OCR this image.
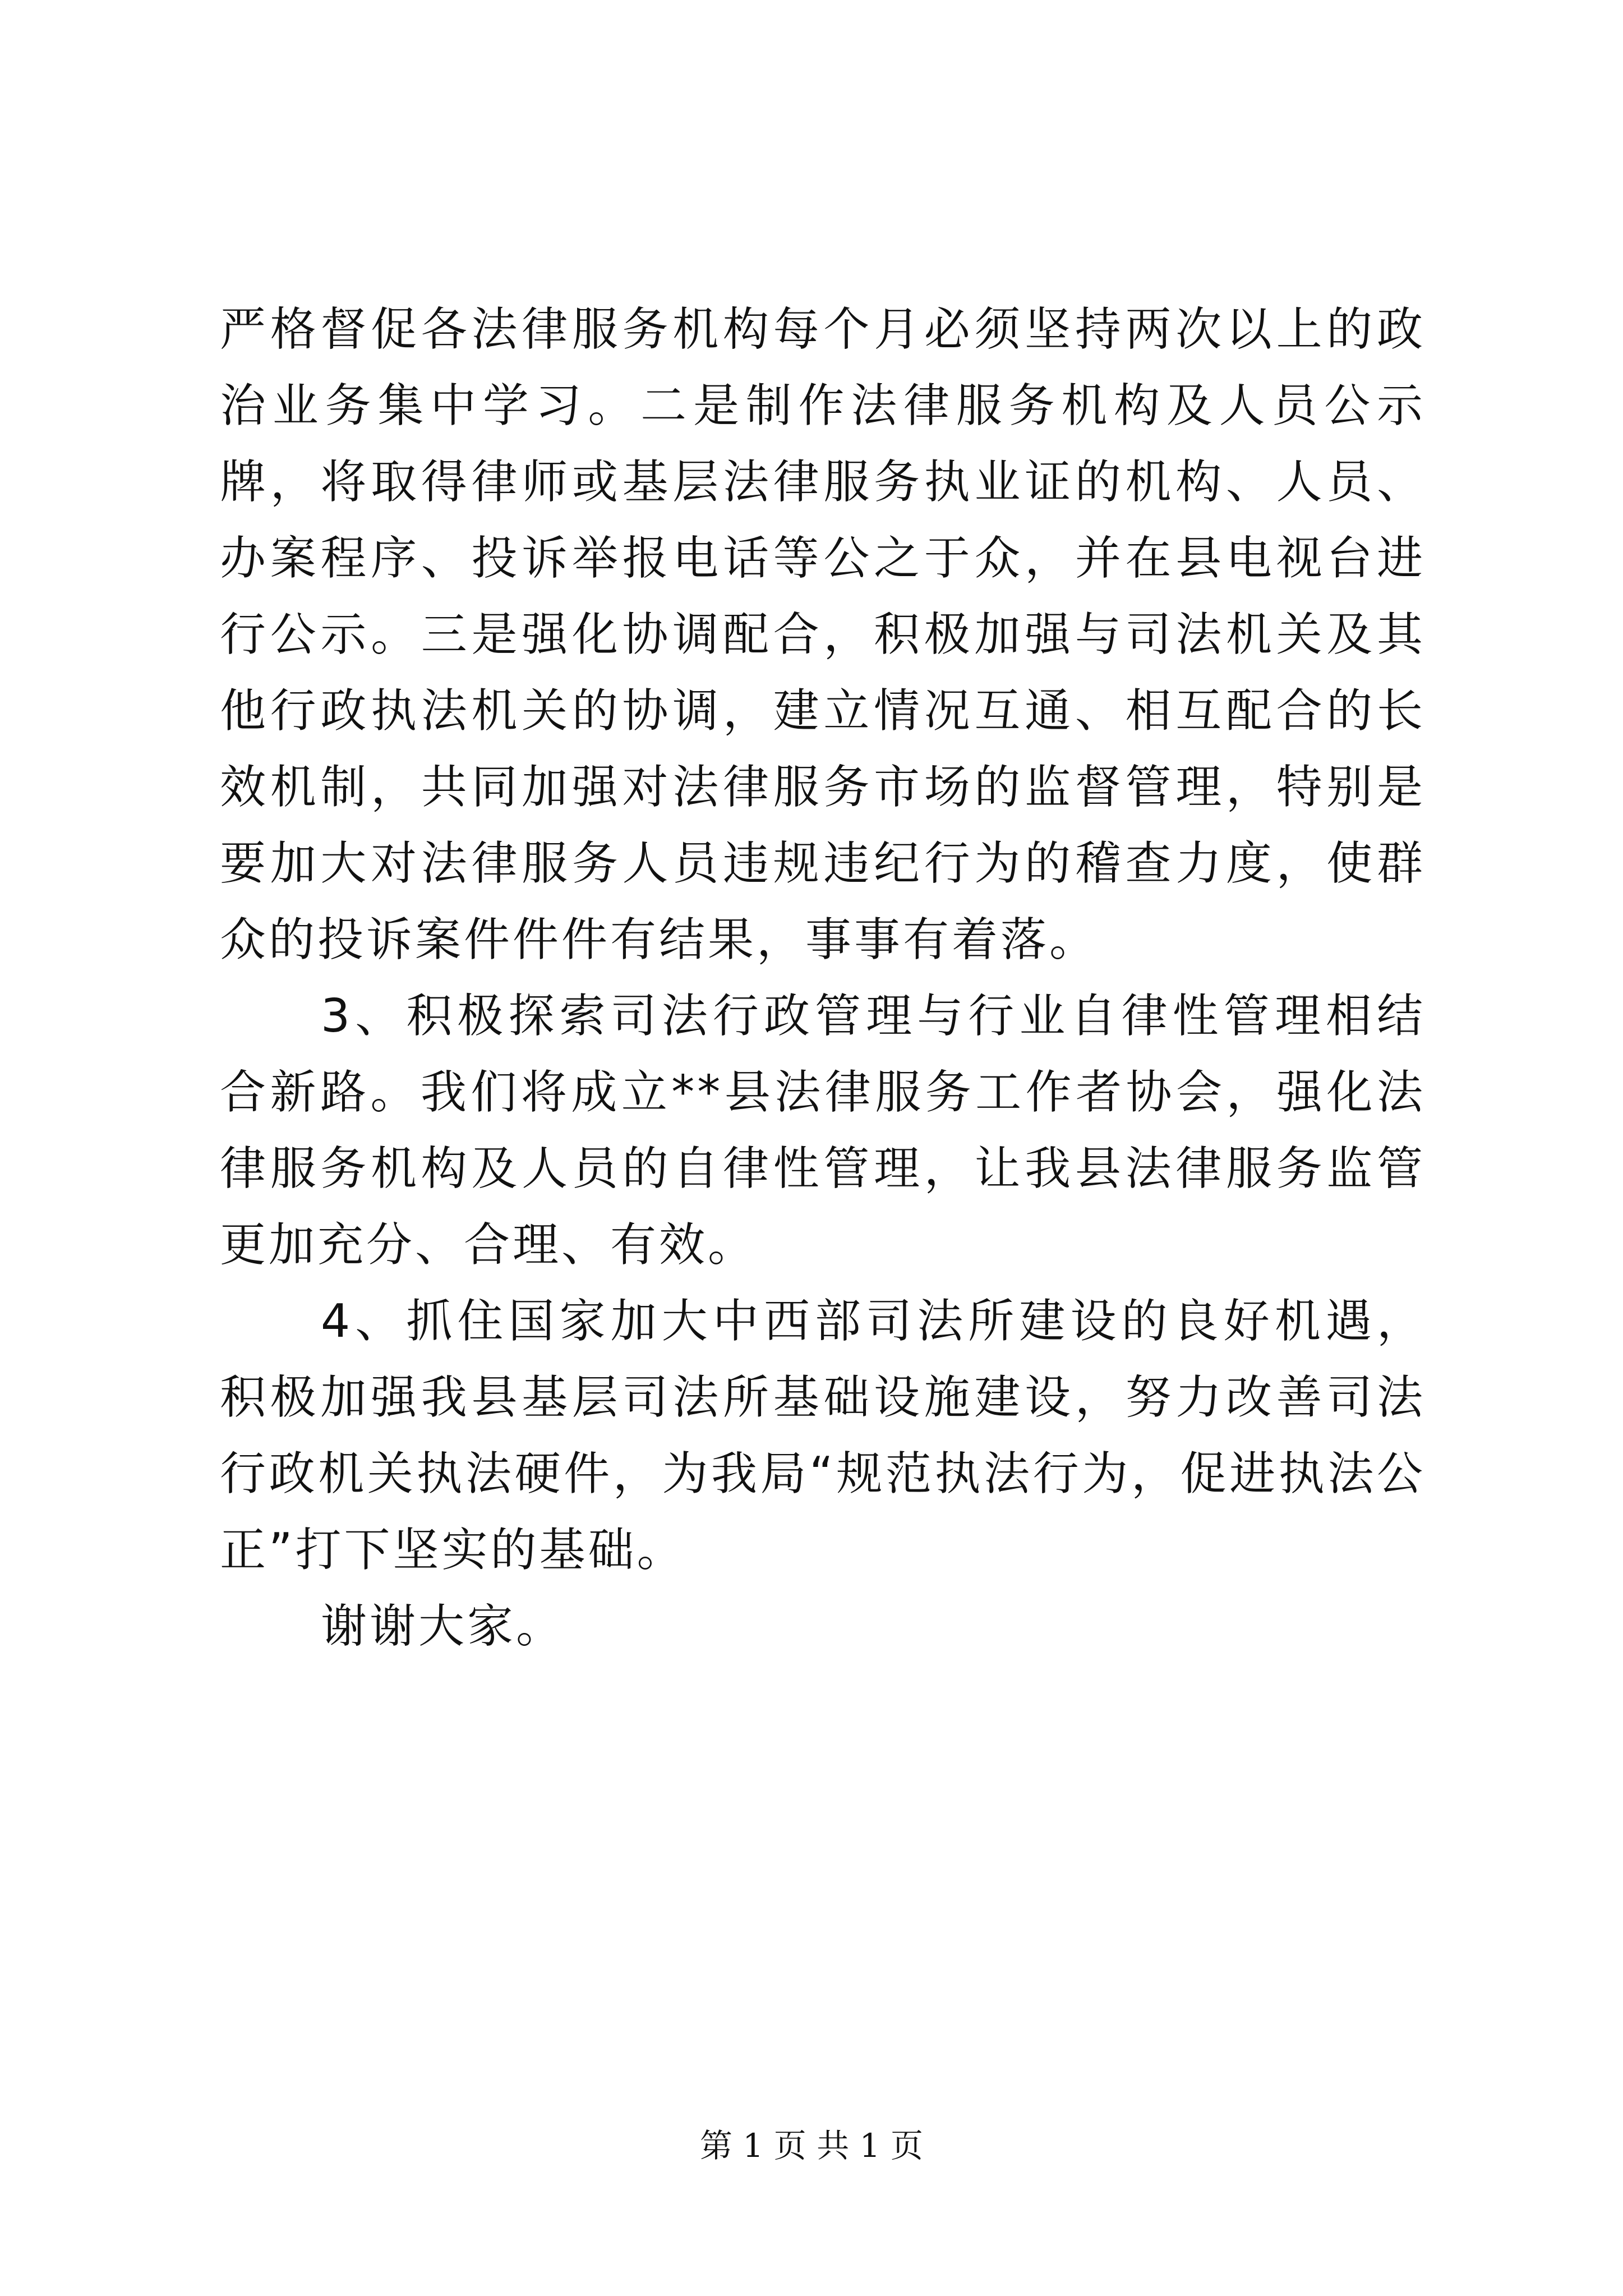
严格督促各法律服务机构每个月必须坚持两次以上的政治业务集中学习。二是制作法律服务机构及人员公示牌，将取得律师或基层法律服务执业证的机构、人员、办案程序、投诉举报电话等公之于众，并在县电视台进行公示。三是强化协调配合，积极加强与司法机关及其他行政执法机关的协调，建立情况互通、相互配合的长效机制，共同加强对法律服务市场的监督管理，特别是要加大对法律服务人员违规违纪行为的稽查力度，使群众的投诉案件件件有结果，事事有着落。

3、积极探索司法行政管理与行业自律性管理相结合新路。我们将成立**县法律服务工作者协会，强化法律服务机构及人员的自律性管理，让我县法律服务监管更加充分、合理、有效。

4、抓住国家加大中西部司法所建设的良好机遇，积极加强我县基层司法所基础设施建设，努力改善司法行政机关执法硬件，为我局“规范执法行为，促进执法公正”打下坚实的基础。

谢谢大家。

第 1 页 共 1 页
